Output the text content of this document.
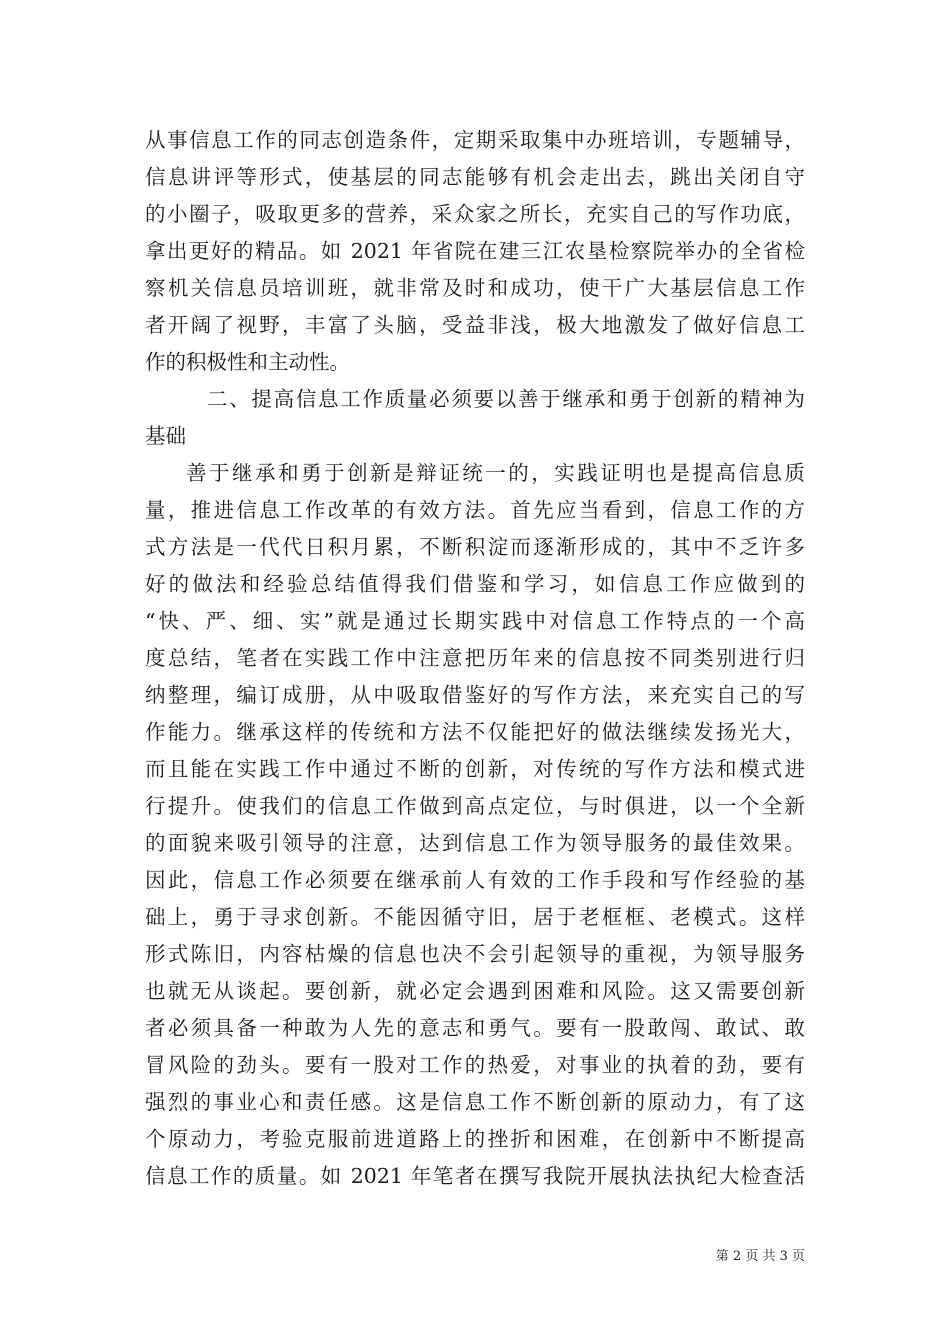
从事信息工作的同志创造条件，定期采取集中办班培训，专题辅导，
信息讲评等形式，使基层的同志能够有机会走出去，跳出关闭自守
的小圈子，吸取更多的营养，采众家之所长，充实自己的写作功底，
拿出更好的精品。如 2021 年省院在建三江农垦检察院举办的全省检
察机关信息员培训班，就非常及时和成功，使干广大基层信息工作
者开阔了视野，丰富了头脑，受益非浅，极大地激发了做好信息工
作的积极性和主动性。
二、提高信息工作质量必须要以善于继承和勇于创新的精神为
基础
善于继承和勇于创新是辩证统一的，实践证明也是提高信息质
量，推进信息工作改革的有效方法。首先应当看到，信息工作的方
式方法是一代代日积月累，不断积淀而逐渐形成的，其中不乏许多
好的做法和经验总结值得我们借鉴和学习，如信息工作应做到的
“快、严、细、实”就是通过长期实践中对信息工作特点的一个高
度总结，笔者在实践工作中注意把历年来的信息按不同类别进行归
纳整理，编订成册，从中吸取借鉴好的写作方法，来充实自己的写
作能力。继承这样的传统和方法不仅能把好的做法继续发扬光大，
而且能在实践工作中通过不断的创新，对传统的写作方法和模式进
行提升。使我们的信息工作做到高点定位，与时俱进，以一个全新
的面貌来吸引领导的注意，达到信息工作为领导服务的最佳效果。
因此，信息工作必须要在继承前人有效的工作手段和写作经验的基
础上，勇于寻求创新。不能因循守旧，居于老框框、老模式。这样
形式陈旧，内容枯燥的信息也决不会引起领导的重视，为领导服务
也就无从谈起。要创新，就必定会遇到困难和风险。这又需要创新
者必须具备一种敢为人先的意志和勇气。要有一股敢闯、敢试、敢
冒风险的劲头。要有一股对工作的热爱，对事业的执着的劲，要有
强烈的事业心和责任感。这是信息工作不断创新的原动力，有了这
个原动力，考验克服前进道路上的挫折和困难，在创新中不断提高
信息工作的质量。如 2021 年笔者在撰写我院开展执法执纪大检查活
第 2 页 共 3 页
